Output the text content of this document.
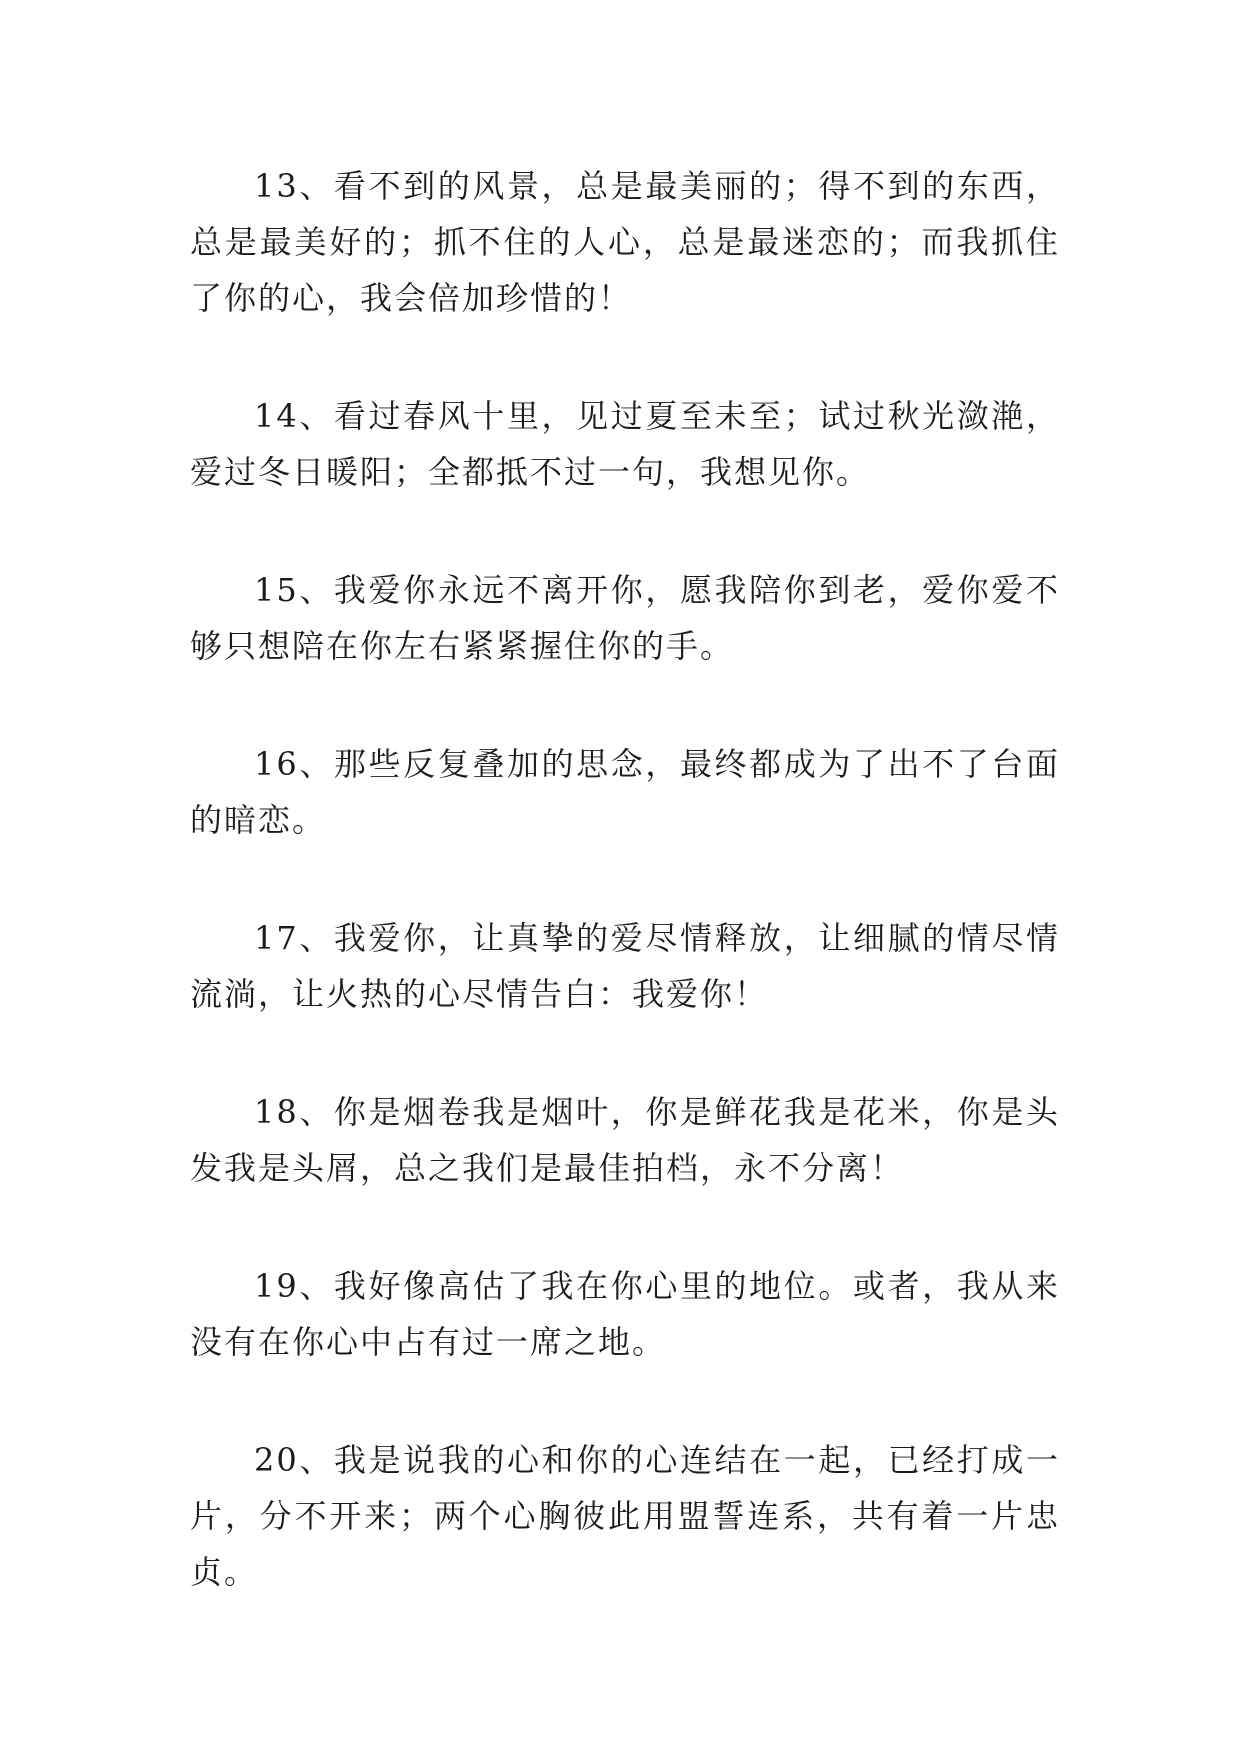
13、看不到的风景，总是最美丽的；得不到的东西，总是最美好的；抓不住的人心，总是最迷恋的；而我抓住了你的心，我会倍加珍惜的！

14、看过春风十里，见过夏至未至；试过秋光潋滟，爱过冬日暖阳；全都抵不过一句，我想见你。

15、我爱你永远不离开你，愿我陪你到老，爱你爱不够只想陪在你左右紧紧握住你的手。

16、那些反复叠加的思念，最终都成为了出不了台面的暗恋。

17、我爱你，让真挚的爱尽情释放，让细腻的情尽情流淌，让火热的心尽情告白：我爱你！

18、你是烟卷我是烟叶，你是鲜花我是花米，你是头发我是头屑，总之我们是最佳拍档，永不分离！

19、我好像高估了我在你心里的地位。或者，我从来没有在你心中占有过一席之地。

20、我是说我的心和你的心连结在一起，已经打成一片，分不开来；两个心胸彼此用盟誓连系，共有着一片忠贞。
